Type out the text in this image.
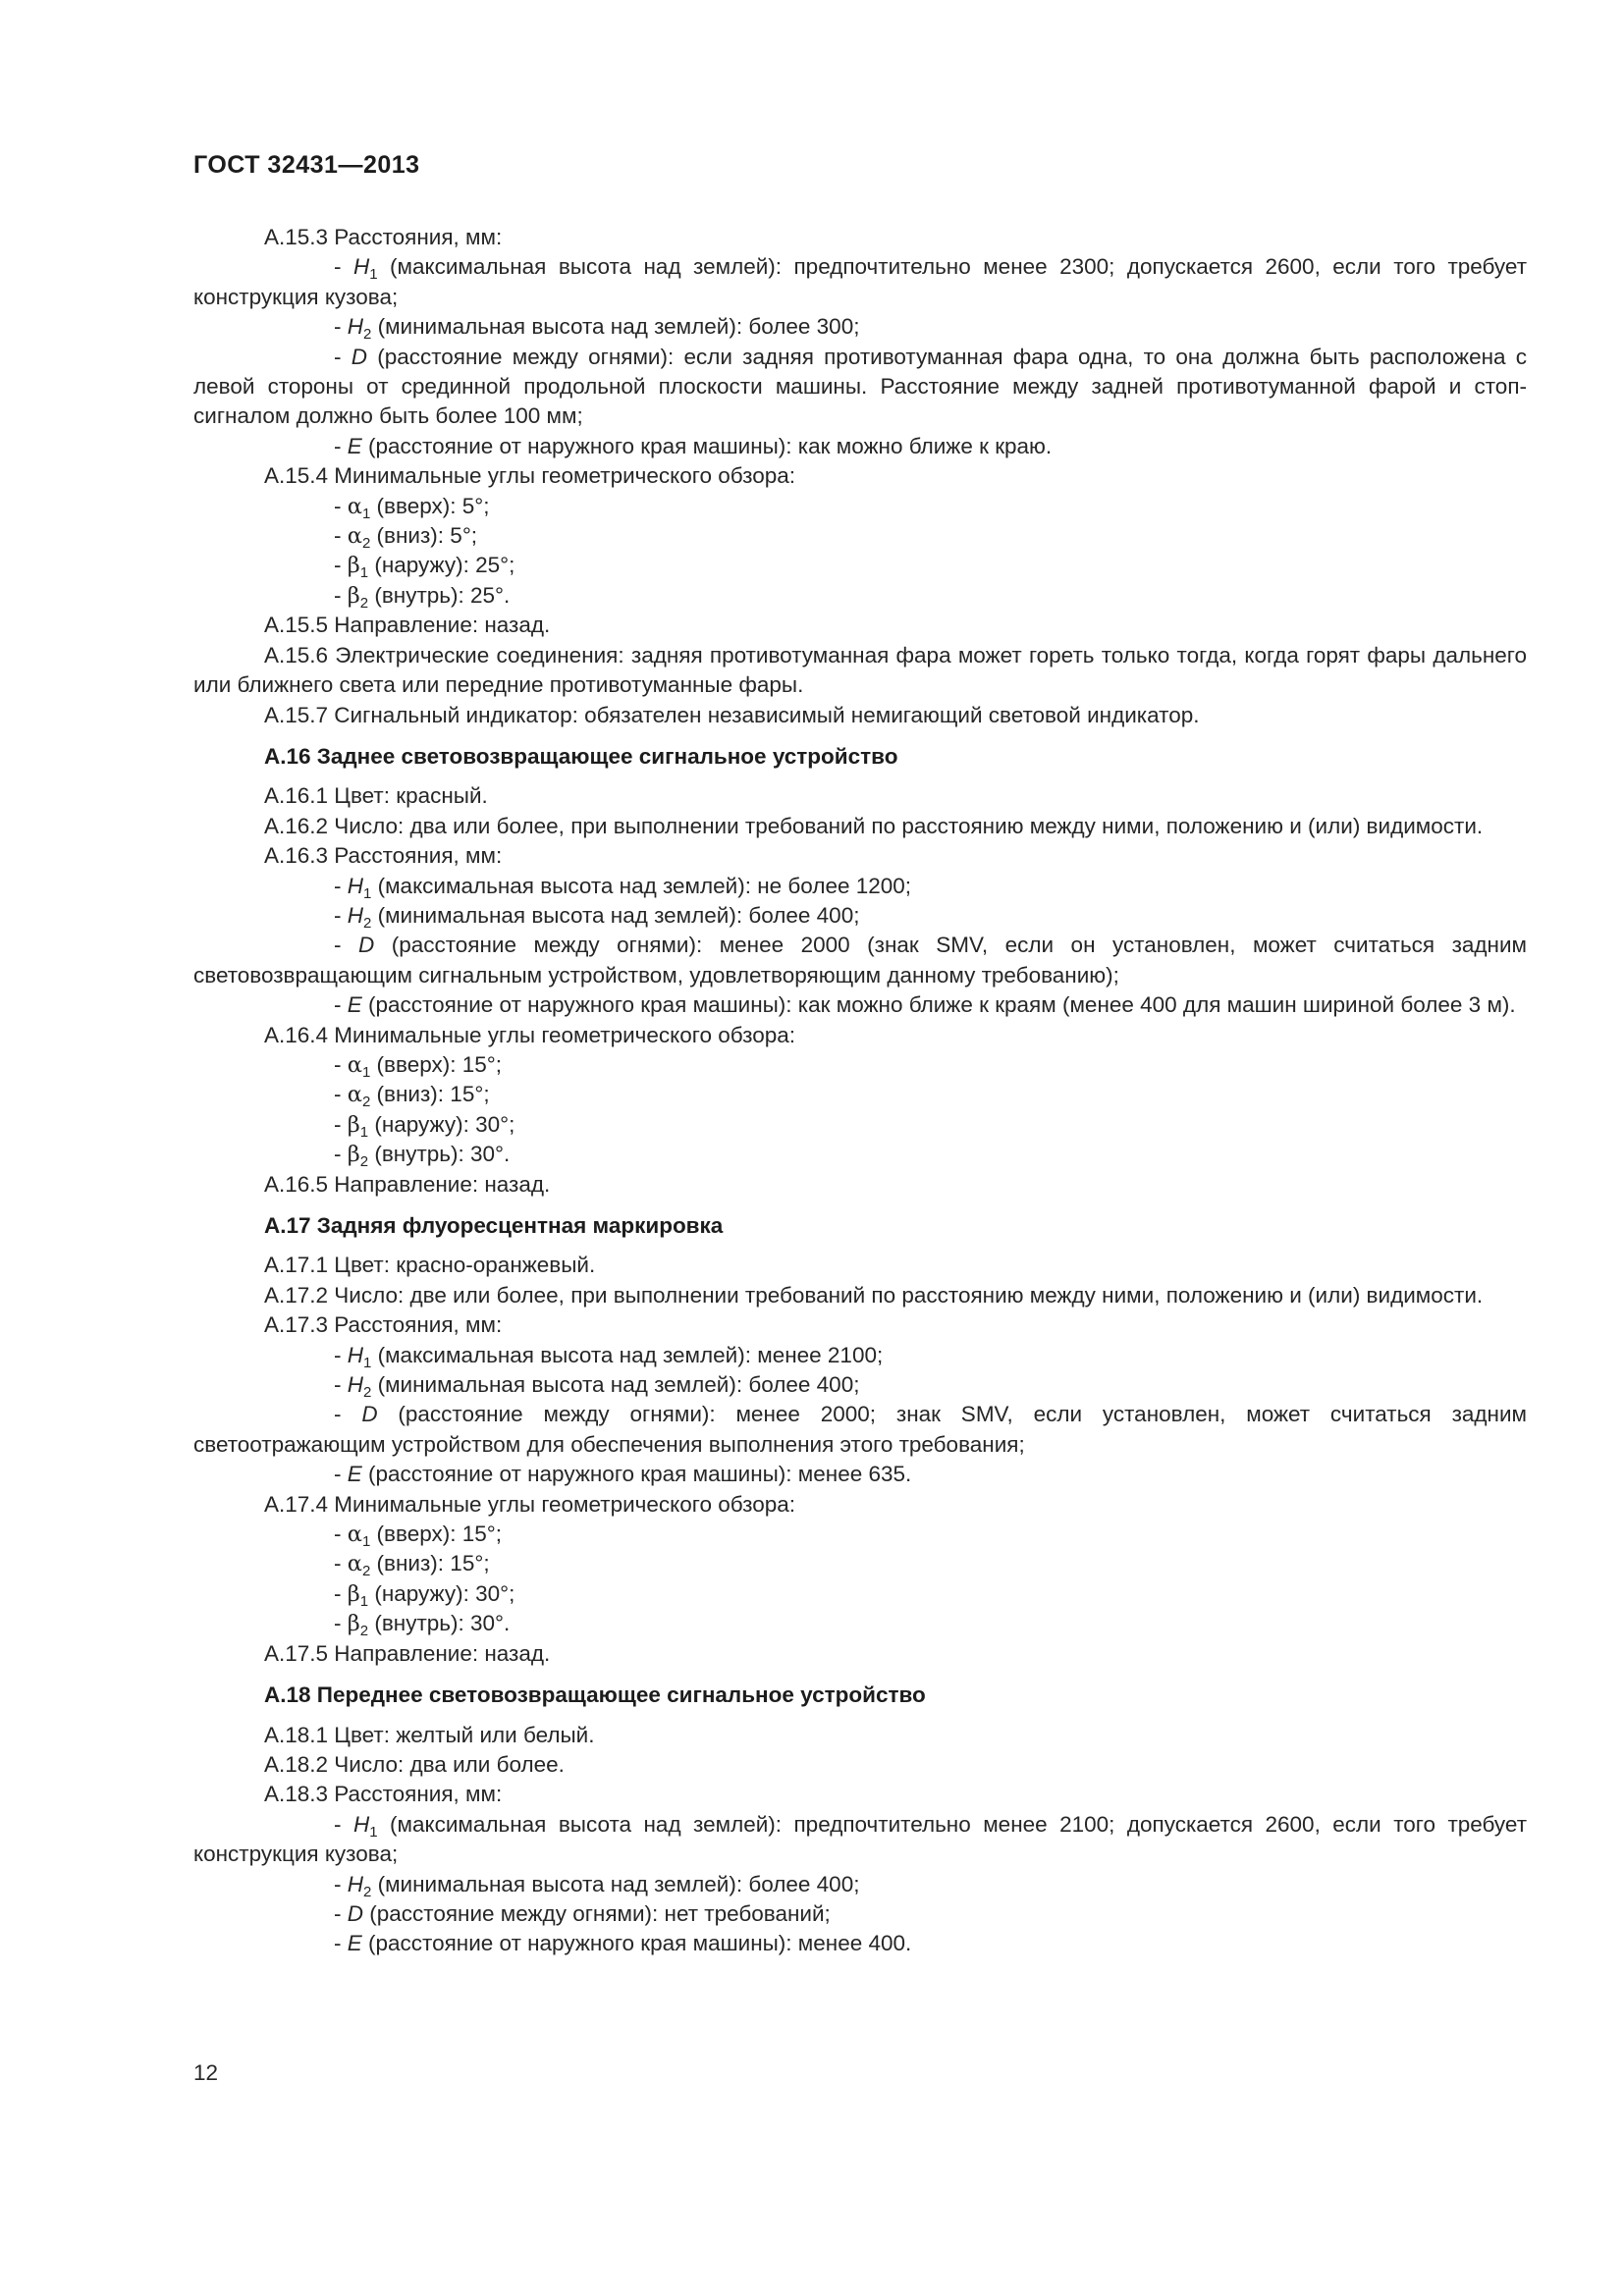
ГОСТ 32431—2013

А.15.3 Расстояния, мм:

- $H_1$ (максимальная высота над землей): предпочтительно менее 2300; допускается 2600, если того требует конструкция кузова;

- $H_2$ (минимальная высота над землей): более 300;

- D (расстояние между огнями): если задняя противотуманная фара одна, то она должна быть расположена с левой стороны от срединной продольной плоскости машины. Расстояние между задней противотуманной фарой и стоп-сигналом должно быть более 100 мм;

- E (расстояние от наружного края машины): как можно ближе к краю.

А.15.4 Минимальные углы геометрического обзора:

- $\alpha_1$ (вверх): 5°;

- $\alpha_2$ (вниз): 5°;

- $\beta_1$ (наружу): 25°;

- $\beta_2$ (внутрь): 25°.

А.15.5 Направление: назад.

А.15.6 Электрические соединения: задняя противотуманная фара может гореть только тогда, когда горят фары дальнего или ближнего света или передние противотуманные фары.

А.15.7 Сигнальный индикатор: обязателен независимый немигающий световой индикатор.

А.16 Заднее световозвращающее сигнальное устройство

А.16.1 Цвет: красный.

А.16.2 Число: два или более, при выполнении требований по расстоянию между ними, положению и (или) видимости.

А.16.3 Расстояния, мм:

- $H_1$ (максимальная высота над землей): не более 1200;

- $H_2$ (минимальная высота над землей): более 400;

- D (расстояние между огнями): менее 2000 (знак SMV, если он установлен, может считаться задним световозвращающим сигнальным устройством, удовлетворяющим данному требованию);

- E (расстояние от наружного края машины): как можно ближе к краям (менее 400 для машин шириной более 3 м).

А.16.4 Минимальные углы геометрического обзора:

- $\alpha_1$ (вверх): 15°;

- $\alpha_2$ (вниз): 15°;

- $\beta_1$ (наружу): 30°;

- $\beta_2$ (внутрь): 30°.

А.16.5 Направление: назад.

А.17 Задняя флуоресцентная маркировка

А.17.1 Цвет: красно-оранжевый.

А.17.2 Число: две или более, при выполнении требований по расстоянию между ними, положению и (или) видимости.

А.17.3 Расстояния, мм:

- $H_1$ (максимальная высота над землей): менее 2100;

- $H_2$ (минимальная высота над землей): более 400;

- D (расстояние между огнями): менее 2000; знак SMV, если установлен, может считаться задним светоотражающим устройством для обеспечения выполнения этого требования;

- E (расстояние от наружного края машины): менее 635.

А.17.4 Минимальные углы геометрического обзора:

- $\alpha_1$ (вверх): 15°;

- $\alpha_2$ (вниз): 15°;

- $\beta_1$ (наружу): 30°;

- $\beta_2$ (внутрь): 30°.

А.17.5 Направление: назад.

А.18 Переднее световозвращающее сигнальное устройство

А.18.1 Цвет: желтый или белый.

А.18.2 Число: два или более.

А.18.3 Расстояния, мм:

- $H_1$ (максимальная высота над землей): предпочтительно менее 2100; допускается 2600, если того требует конструкция кузова;

- $H_2$ (минимальная высота над землей): более 400;

- D (расстояние между огнями): нет требований;

- E (расстояние от наружного края машины): менее 400.

12
